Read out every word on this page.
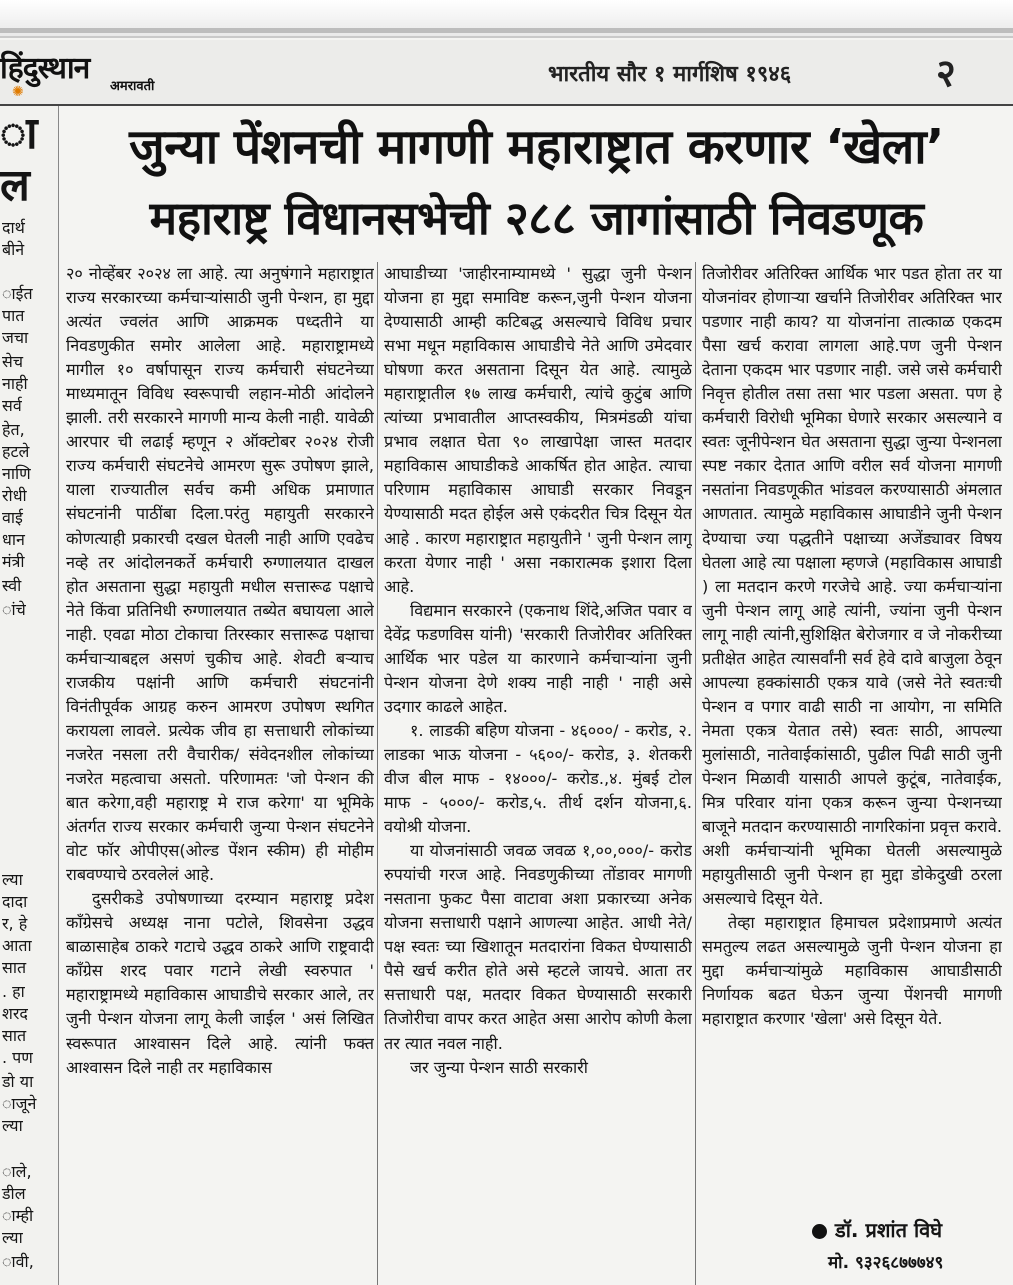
हिंदुस्थान
✺	अमरावती	भारतीय सौर १ मार्गशिष १९४६	२
ा
ल
दार्थ
बीने
ाईत
पात
जचा
सेच
नाही
सर्व
हेत,
हटले
नाणि
रोधी
वाई
धान
मंत्री
स्वी
ांचे
ल्या
दादा
र, हे
आता
सात
. हा
शरद
सात
. पण
डो या
ाजूने
ल्या
ाले,
डील
ाम्ही
ल्या
ावी,
जुन्या पेंशनची मागणी महाराष्ट्रात करणार ‘खेला’
महाराष्ट्र विधानसभेची २८८ जागांसाठी निवडणूक

२० नोव्हेंबर २०२४ ला आहे. त्या अनुषंगाने महाराष्ट्रात राज्य सरकारच्या कर्मचाऱ्यांसाठी जुनी पेन्शन, हा मुद्दा अत्यंत ज्वलंत आणि आक्रमक पध्दतीने या निवडणुकीत समोर आलेला आहे. महाराष्ट्रामध्ये मागील १० वर्षापासून राज्य कर्मचारी संघटनेच्या माध्यमातून विविध स्वरूपाची लहान-मोठी आंदोलने झाली. तरी सरकारने मागणी मान्य केली नाही. यावेळी आरपार ची लढाई म्हणून २ ऑक्टोबर २०२४ रोजी राज्य कर्मचारी संघटनेचे आमरण सुरू उपोषण झाले, याला राज्यातील सर्वच कमी अधिक प्रमाणात संघटनांनी पाठींबा दिला.परंतु महायुती सरकारने कोणत्याही प्रकारची दखल घेतली नाही आणि एवढेच नव्हे तर आंदोलनकर्ते कर्मचारी रुग्णालयात दाखल होत असताना सुद्धा महायुती मधील सत्तारूढ पक्षाचे नेते किंवा प्रतिनिधी रुग्णालयात तब्येत बघायला आले नाही. एवढा मोठा टोकाचा तिरस्कार सत्तारूढ पक्षाचा कर्मचाऱ्याबद्दल असणं चुकीच आहे. शेवटी बऱ्याच राजकीय पक्षांनी आणि कर्मचारी संघटनांनी विनंतीपूर्वक आग्रह करुन आमरण उपोषण स्थगित करायला लावले. प्रत्येक जीव हा सत्ताधारी लोकांच्या नजरेत नसला तरी वैचारीक/ संवेदनशील लोकांच्या नजरेत महत्वाचा असतो. परिणामतः 'जो पेन्शन की बात करेगा,वही महाराष्ट्र मे राज करेगा' या भूमिके अंतर्गत राज्य सरकार कर्मचारी जुन्या पेन्शन संघटनेने वोट फॉर ओपीएस(ओल्ड पेंशन स्कीम) ही मोहीम राबवण्याचे ठरवलेलं आहे.

दुसरीकडे उपोषणाच्या दरम्यान महाराष्ट्र प्रदेश काँग्रेसचे अध्यक्ष नाना पटोले, शिवसेना उद्धव बाळासाहेब ठाकरे गटाचे उद्धव ठाकरे आणि राष्ट्रवादी कॉंग्रेस शरद पवार गटाने लेखी स्वरुपात ' महाराष्ट्रामध्ये महाविकास आघाडीचे सरकार आले, तर जुनी पेन्शन योजना लागू केली जाईल ' असं लिखित स्वरूपात आश्वासन दिले आहे. त्यांनी फक्त आश्वासन दिले नाही तर महाविकास

आघाडीच्या 'जाहीरनाम्यामध्ये ' सुद्धा जुनी पेन्शन योजना हा मुद्दा समाविष्ट करून,जुनी पेन्शन योजना देण्यासाठी आम्ही कटिबद्ध असल्याचे विविध प्रचार सभा मधून महाविकास आघाडीचे नेते आणि उमेदवार घोषणा करत असताना दिसून येत आहे. त्यामुळे महाराष्ट्रातील १७ लाख कर्मचारी, त्यांचे कुटुंब आणि त्यांच्या प्रभावातील आप्तस्वकीय, मित्रमंडळी यांचा प्रभाव लक्षात घेता ९० लाखापेक्षा जास्त मतदार महाविकास आघाडीकडे आकर्षित होत आहेत. त्याचा परिणाम महाविकास आघाडी सरकार निवडून येण्यासाठी मदत होईल असे एकंदरीत चित्र दिसून येत आहे . कारण महाराष्ट्रात महायुतीने ' जुनी पेन्शन लागू करता येणार नाही ' असा नकारात्मक इशारा दिला आहे.

विद्यमान सरकारने (एकनाथ शिंदे,अजित पवार व देवेंद्र फडणविस यांनी) 'सरकारी तिजोरीवर अतिरिक्त आर्थिक भार पडेल या कारणाने कर्मचाऱ्यांना जुनी पेन्शन योजना देणे शक्य नाही नाही ' नाही असे उदगार काढले आहेत.

१. लाडकी बहिण योजना - ४६०००/ - करोड, २. लाडका भाऊ योजना - ५६००/- करोड, ३. शेतकरी वीज बील माफ - १४०००/- करोड.,४. मुंबई टोल माफ - ५०००/- करोड,५. तीर्थ दर्शन योजना,६. वयोश्री योजना.

या योजनांसाठी जवळ जवळ १,००,०००/- करोड रुपयांची गरज आहे. निवडणुकीच्या तोंडावर मागणी नसताना फुकट पैसा वाटावा अशा प्रकारच्या अनेक योजना सत्ताधारी पक्षाने आणल्या आहेत. आधी नेते/ पक्ष स्वतः च्या खिशातून मतदारांना विकत घेण्यासाठी पैसे खर्च करीत होते असे म्हटले जायचे. आता तर सत्ताधारी पक्ष, मतदार विकत घेण्यासाठी सरकारी तिजोरीचा वापर करत आहेत असा आरोप कोणी केला तर त्यात नवल नाही.

जर जुन्या पेन्शन साठी सरकारी

तिजोरीवर अतिरिक्त आर्थिक भार पडत होता तर या योजनांवर होणाऱ्या खर्चाने तिजोरीवर अतिरिक्त भार पडणार नाही काय? या योजनांना तात्काळ एकदम पैसा खर्च करावा लागला आहे.पण जुनी पेन्शन देताना एकदम भार पडणार नाही. जसे जसे कर्मचारी निवृत्त होतील तसा तसा भार पडला असता. पण हे कर्मचारी विरोधी भूमिका घेणारे सरकार असल्याने व स्वतः जूनीपेन्शन घेत असताना सुद्धा जुन्या पेन्शनला स्पष्ट नकार देतात आणि वरील सर्व योजना मागणी नसतांना निवडणूकीत भांडवल करण्यासाठी अंमलात आणतात. त्यामुळे महाविकास आघाडीने जुनी पेन्शन देण्याचा ज्या पद्धतीने पक्षाच्या अजेंड्यावर विषय घेतला आहे त्या पक्षाला म्हणजे (महाविकास आघाडी ) ला मतदान करणे गरजेचे आहे. ज्या कर्मचाऱ्यांना जुनी पेन्शन लागू आहे त्यांनी, ज्यांना जुनी पेन्शन लागू नाही त्यांनी,सुशिक्षित बेरोजगार व जे नोकरीच्या प्रतीक्षेत आहेत त्यासर्वांनी सर्व हेवे दावे बाजुला ठेवून आपल्या हक्कांसाठी एकत्र यावे (जसे नेते स्वतःची पेन्शन व पगार वाढी साठी ना आयोग, ना समिति नेमता एकत्र येतात तसे) स्वतः साठी, आपल्या मुलांसाठी, नातेवाईकांसाठी, पुढील पिढी साठी जुनी पेन्शन मिळावी यासाठी आपले कुटूंब, नातेवाईक, मित्र परिवार यांना एकत्र करून जुन्या पेन्शनच्या बाजूने मतदान करण्यासाठी नागरिकांना प्रवृत्त करावे. अशी कर्मचाऱ्यांनी भूमिका घेतली असल्यामुळे महायुतीसाठी जुनी पेन्शन हा मुद्दा डोकेदुखी ठरला असल्याचे दिसून येते.

तेव्हा महाराष्ट्रात हिमाचल प्रदेशाप्रमाणे अत्यंत समतुल्य लढत असल्यामुळे जुनी पेन्शन योजना हा मुद्दा कर्मचाऱ्यांमुळे महाविकास आघाडीसाठी निर्णायक बढत घेऊन जुन्या पेंशनची मागणी महाराष्ट्रात करणार 'खेला' असे दिसून येते.

डॉ. प्रशांत विघे
मो. ९३२६८७७७४९
